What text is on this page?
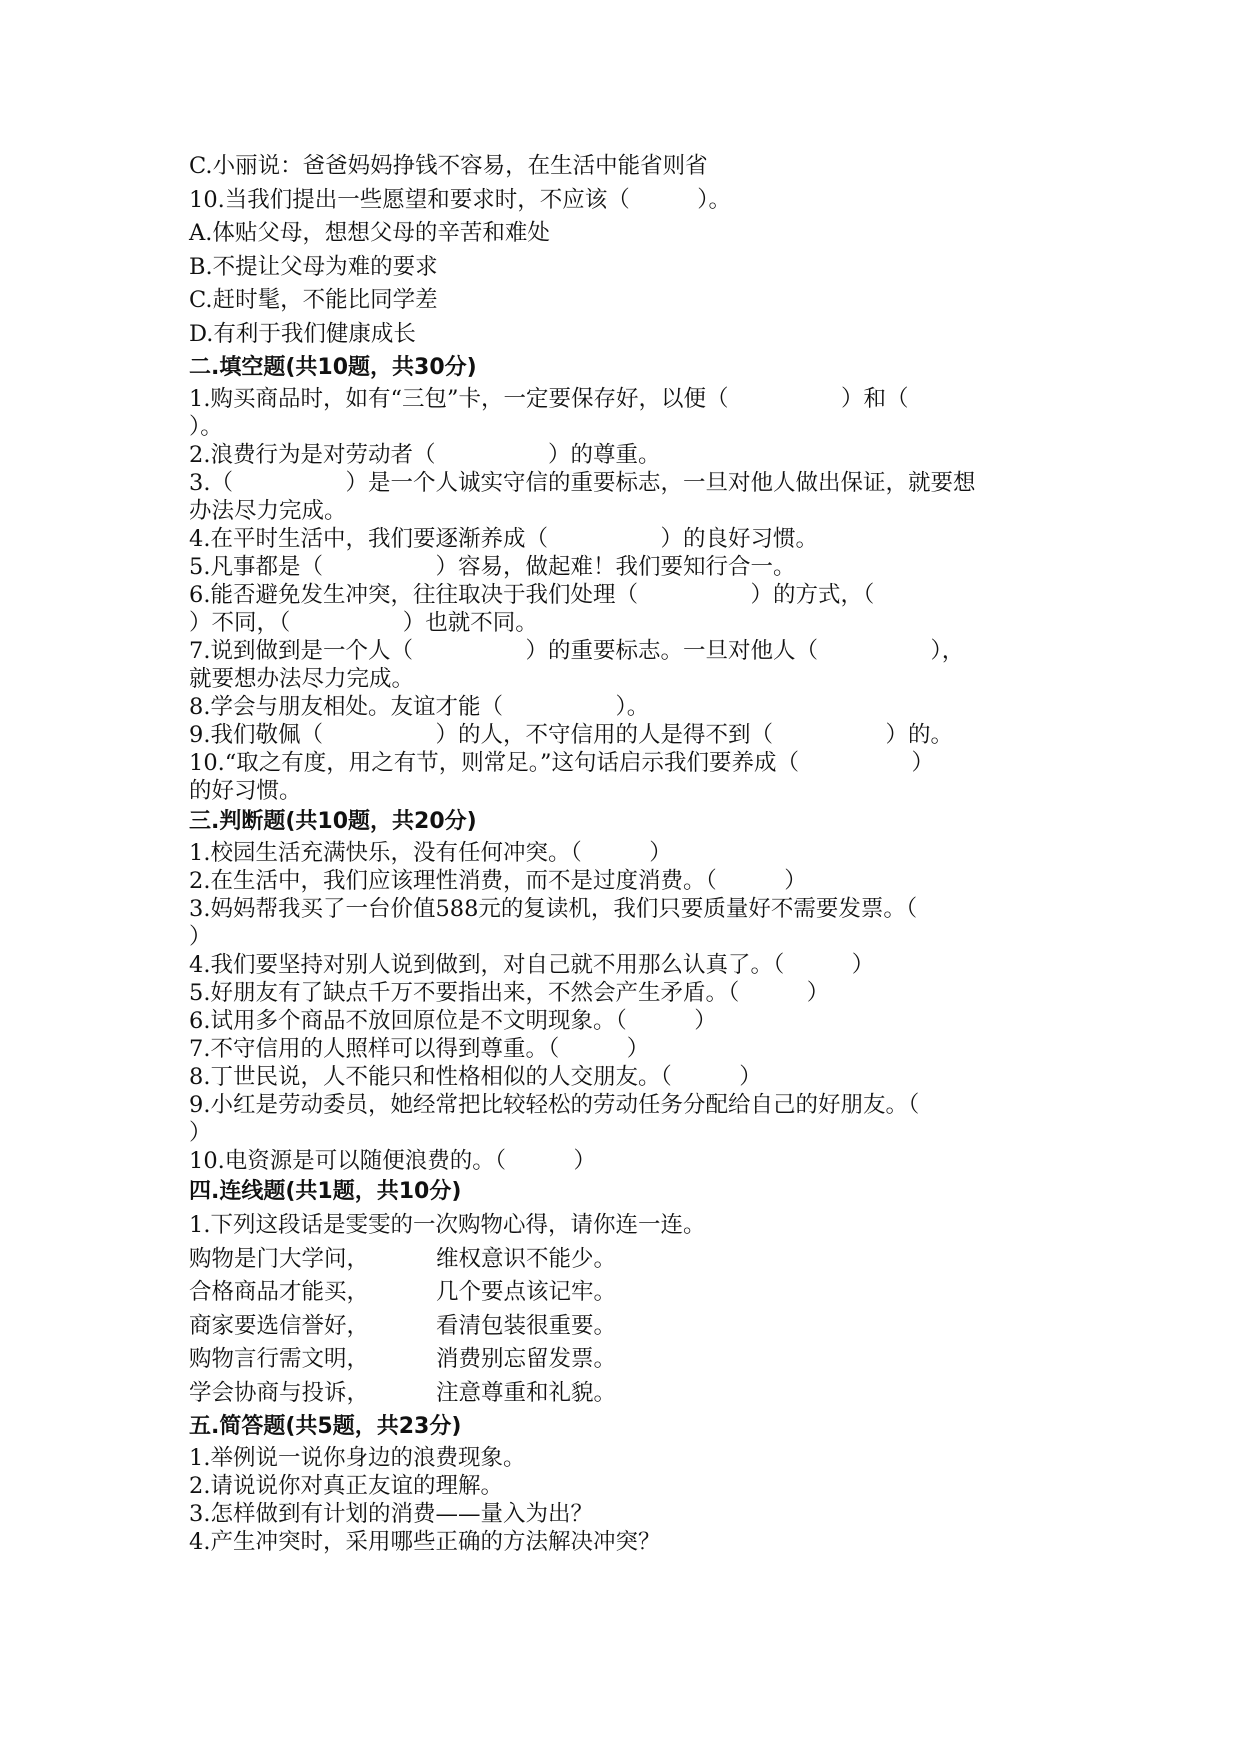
C.小丽说：爸爸妈妈挣钱不容易，在生活中能省则省
10.当我们提出一些愿望和要求时，不应该（　　　）。
A.体贴父母，想想父母的辛苦和难处
B.不提让父母为难的要求
C.赶时髦，不能比同学差
D.有利于我们健康成长
二.填空题(共10题，共30分)
1.购买商品时，如有“三包”卡，一定要保存好，以便（　　　　　）和（
）。
2.浪费行为是对劳动者（　　　　　）的尊重。
3.（　　　　　）是一个人诚实守信的重要标志，一旦对他人做出保证，就要想
办法尽力完成。
4.在平时生活中，我们要逐渐养成（　　　　　）的良好习惯。
5.凡事都是（　　　　　）容易，做起难！我们要知行合一。
6.能否避免发生冲突，往往取决于我们处理（　　　　　）的方式，（
）不同，（　　　　　）也就不同。
7.说到做到是一个人（　　　　　）的重要标志。一旦对他人（　　　　　），
就要想办法尽力完成。
8.学会与朋友相处。友谊才能（　　　　　）。
9.我们敬佩（　　　　　）的人，不守信用的人是得不到（　　　　　）的。
10.“取之有度，用之有节，则常足。”这句话启示我们要养成（　　　　　）
的好习惯。
三.判断题(共10题，共20分)
1.校园生活充满快乐，没有任何冲突。（　　　）
2.在生活中，我们应该理性消费，而不是过度消费。（　　　）
3.妈妈帮我买了一台价值588元的复读机，我们只要质量好不需要发票。（
）
4.我们要坚持对别人说到做到，对自己就不用那么认真了。（　　　）
5.好朋友有了缺点千万不要指出来，不然会产生矛盾。（　　　）
6.试用多个商品不放回原位是不文明现象。（　　　）
7.不守信用的人照样可以得到尊重。（　　　）
8.丁世民说，人不能只和性格相似的人交朋友。（　　　）
9.小红是劳动委员，她经常把比较轻松的劳动任务分配给自己的好朋友。（
）
10.电资源是可以随便浪费的。（　　　）
四.连线题(共1题，共10分)
1.下列这段话是雯雯的一次购物心得，请你连一连。
购物是门大学问，	维权意识不能少。
合格商品才能买，	几个要点该记牢。
商家要选信誉好，	看清包装很重要。
购物言行需文明，	消费别忘留发票。
学会协商与投诉，	注意尊重和礼貌。
五.简答题(共5题，共23分)
1.举例说一说你身边的浪费现象。
2.请说说你对真正友谊的理解。
3.怎样做到有计划的消费——量入为出？
4.产生冲突时，采用哪些正确的方法解决冲突？
